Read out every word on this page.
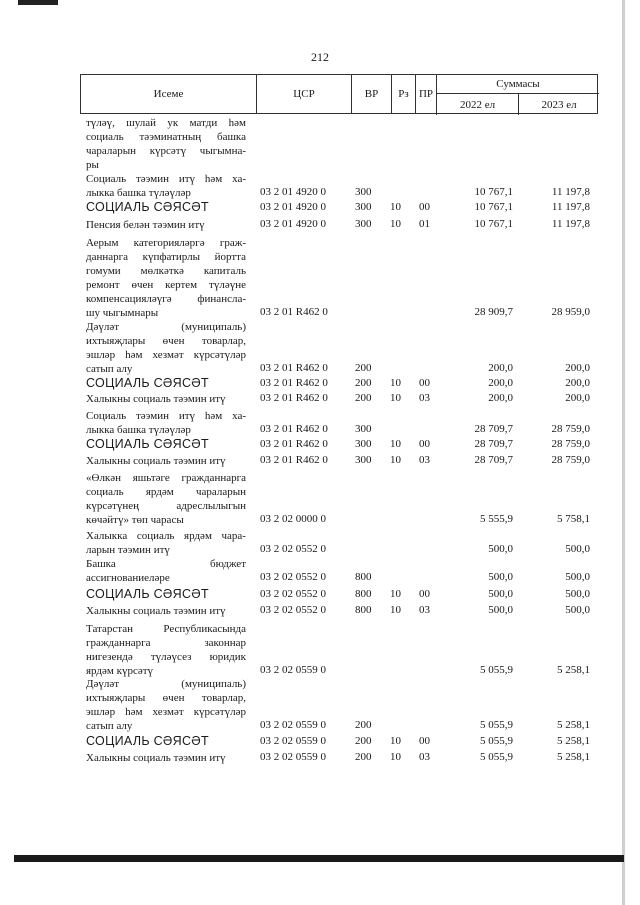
212
Исеме	ЦСР	ВР	Рз ПР
Суммасы
2022 ел	2023 ел
түләү, шулай ук матди һәм
социаль тәэминатның башка
чараларын күрсәтү чыгымна-
ры
Социаль тәэмин итү һәм ха-
лыкка башка түләүләр	03 2 01 4920 0	300	10 767,1	11 197,8
СОЦИАЛЬ СӘЯСӘТ	03 2 01 4920 0	300 10 00	10 767,1	11 197,8
Пенсия белән тәэмин итү	03 2 01 4920 0	300 10 01	10 767,1	11 197,8
Аерым категорияләргә граж-
даннарга күпфатирлы йортта
гомуми мөлкәткә капиталь
ремонт өчен кертем түләүне
компенсацияләүгә финансла-
шу чыгымнары	03 2 01 R462 0	28 909,7	28 959,0
Дәүләт	(муниципаль)
ихтыяҗлары өчен товарлар,
эшләр һәм хезмәт күрсәтүләр
сатып алу	03 2 01 R462 0 200	200,0	200,0
СОЦИАЛЬ СӘЯСӘТ	03 2 01 R462 0 200 10 00	200,0	200,0
Халыкны социаль тәэмин итү	03 2 01 R462 0 200 10 03	200,0	200,0
Социаль тәэмин итү һәм ха-
лыкка башка түләүләр	03 2 01 R462 0 300	28 709,7	28 759,0
СОЦИАЛЬ СӘЯСӘТ	03 2 01 R462 0 300 10 00	28 709,7	28 759,0
Халыкны социаль тәэмин итү	03 2 01 R462 0 300 10 03	28 709,7	28 759,0
«Өлкән яшьтәге гражданнарга
социаль ярдәм чараларын
күрсәтүнең	адреслылыгын
көчәйтү» төп чарасы	03 2 02 0000 0	5 555,9	5 758,1
Халыкка социаль ярдәм чара-
ларын тәэмин итү	03 2 02 0552 0	500,0	500,0
Башка	бюджет
ассигнованиеләре	03 2 02 0552 0	800	500,0	500,0
СОЦИАЛЬ СӘЯСӘТ	03 2 02 0552 0	800 10 00	500,0	500,0
Халыкны социаль тәэмин итү	03 2 02 0552 0	800 10 03	500,0	500,0
Татарстан	Республикасында
гражданнарга	законнар
нигезендә түләүсез юридик
ярдәм күрсәтү	03 2 02 0559 0	5 055,9	5 258,1
Дәүләт	(муниципаль)
ихтыяҗлары өчен товарлар,
эшләр һәм хезмәт күрсәтүләр
сатып алу	03 2 02 0559 0	200	5 055,9	5 258,1
СОЦИАЛЬ СӘЯСӘТ	03 2 02 0559 0	200 10 00	5 055,9	5 258,1
Халыкны социаль тәэмин итү	03 2 02 0559 0	200 10 03	5 055,9	5 258,1
